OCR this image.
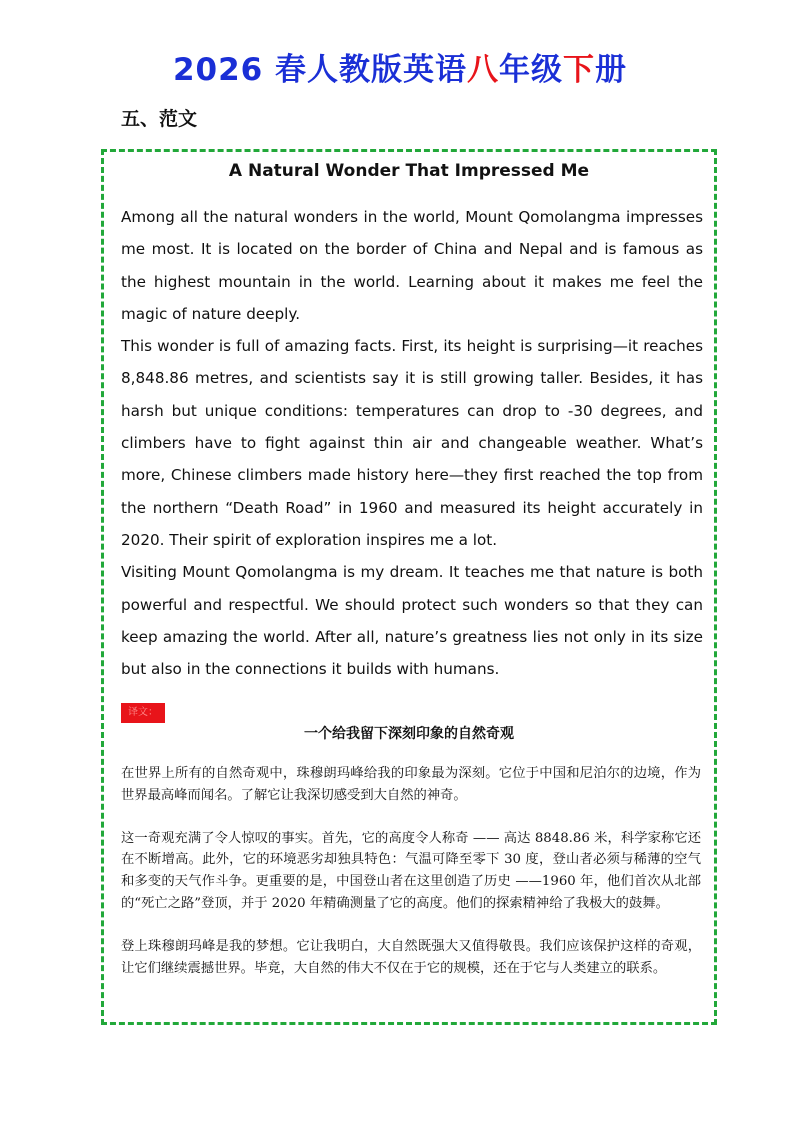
2026 春人教版英语八年级下册
五、范文
A Natural Wonder That Impressed Me

Among all the natural wonders in the world, Mount Qomolangma impresses me most. It is located on the border of China and Nepal and is famous as the highest mountain in the world. Learning about it makes me feel the magic of nature deeply.

This wonder is full of amazing facts. First, its height is surprising—it reaches 8,848.86 metres, and scientists say it is still growing taller. Besides, it has harsh but unique conditions: temperatures can drop to -30 degrees, and climbers have to fight against thin air and changeable weather. What’s more, Chinese climbers made history here—they first reached the top from the northern “Death Road” in 1960 and measured its height accurately in 2020. Their spirit of exploration inspires me a lot.

Visiting Mount Qomolangma is my dream. It teaches me that nature is both powerful and respectful. We should protect such wonders so that they can keep amazing the world. After all, nature’s greatness lies not only in its size but also in the connections it builds with humans.

译文：
一个给我留下深刻印象的自然奇观

在世界上所有的自然奇观中，珠穆朗玛峰给我的印象最为深刻。它位于中国和尼泊尔的边境，作为世界最高峰而闻名。了解它让我深切感受到大自然的神奇。

这一奇观充满了令人惊叹的事实。首先，它的高度令人称奇 —— 高达 8848.86 米，科学家称它还在不断增高。此外，它的环境恶劣却独具特色：气温可降至零下 30 度，登山者必须与稀薄的空气和多变的天气作斗争。更重要的是，中国登山者在这里创造了历史 ——1960 年，他们首次从北部的“死亡之路”登顶，并于 2020 年精确测量了它的高度。他们的探索精神给了我极大的鼓舞。

登上珠穆朗玛峰是我的梦想。它让我明白，大自然既强大又值得敬畏。我们应该保护这样的奇观，让它们继续震撼世界。毕竟，大自然的伟大不仅在于它的规模，还在于它与人类建立的联系。
